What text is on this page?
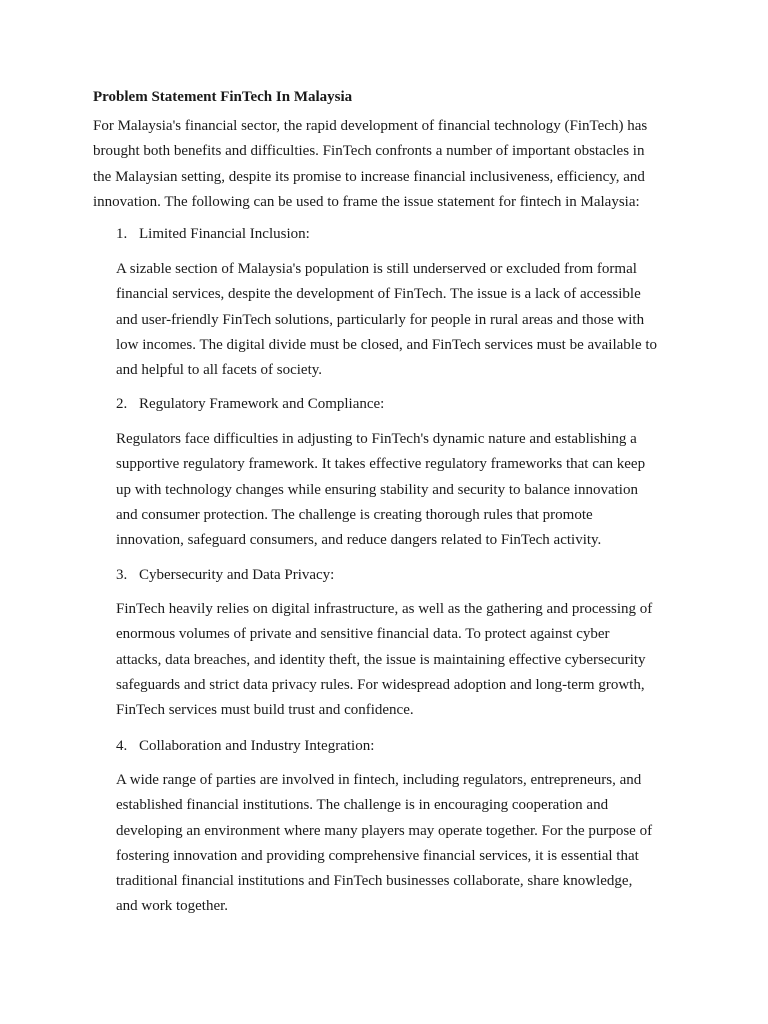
Problem Statement FinTech In Malaysia
For Malaysia's financial sector, the rapid development of financial technology (FinTech) has
brought both benefits and difficulties. FinTech confronts a number of important obstacles in
the Malaysian setting, despite its promise to increase financial inclusiveness, efficiency, and
innovation. The following can be used to frame the issue statement for fintech in Malaysia:
1. Limited Financial Inclusion:
A sizable section of Malaysia's population is still underserved or excluded from formal
financial services, despite the development of FinTech. The issue is a lack of accessible
and user-friendly FinTech solutions, particularly for people in rural areas and those with
low incomes. The digital divide must be closed, and FinTech services must be available to
and helpful to all facets of society.
2. Regulatory Framework and Compliance:
Regulators face difficulties in adjusting to FinTech's dynamic nature and establishing a
supportive regulatory framework. It takes effective regulatory frameworks that can keep
up with technology changes while ensuring stability and security to balance innovation
and consumer protection. The challenge is creating thorough rules that promote
innovation, safeguard consumers, and reduce dangers related to FinTech activity.
3. Cybersecurity and Data Privacy:
FinTech heavily relies on digital infrastructure, as well as the gathering and processing of
enormous volumes of private and sensitive financial data. To protect against cyber
attacks, data breaches, and identity theft, the issue is maintaining effective cybersecurity
safeguards and strict data privacy rules. For widespread adoption and long-term growth,
FinTech services must build trust and confidence.
4. Collaboration and Industry Integration:
A wide range of parties are involved in fintech, including regulators, entrepreneurs, and
established financial institutions. The challenge is in encouraging cooperation and
developing an environment where many players may operate together. For the purpose of
fostering innovation and providing comprehensive financial services, it is essential that
traditional financial institutions and FinTech businesses collaborate, share knowledge,
and work together.
